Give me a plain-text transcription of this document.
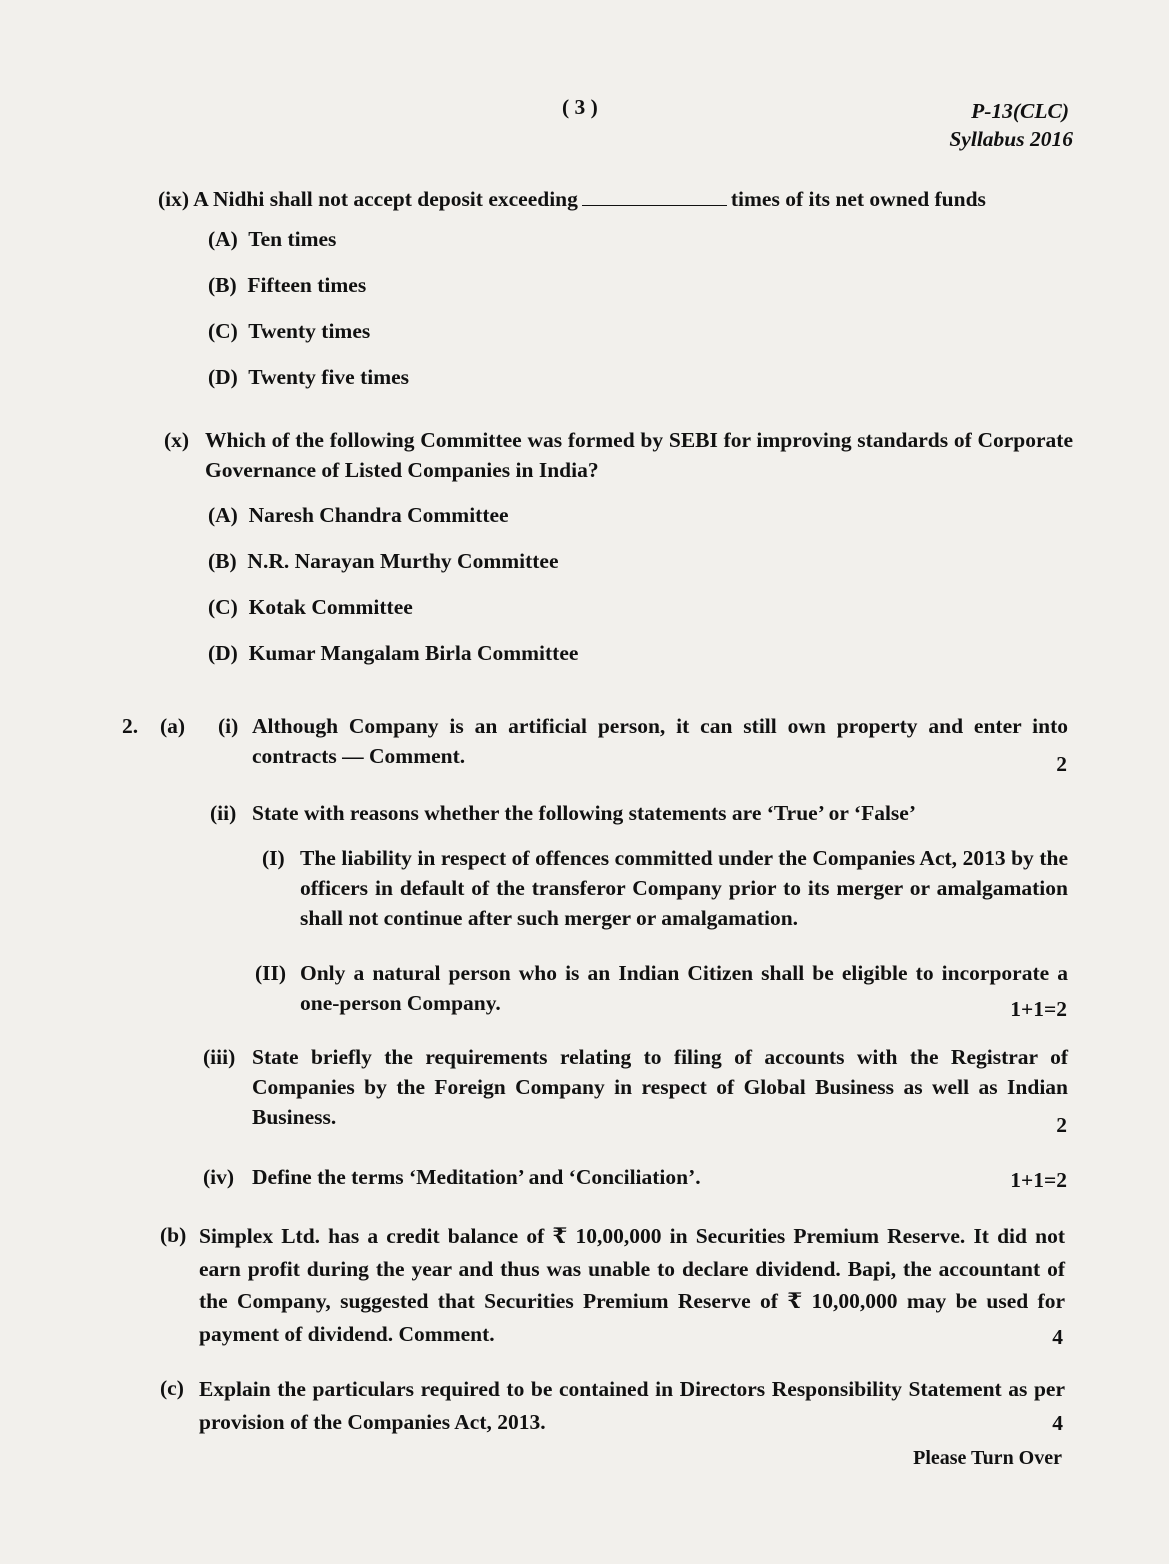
( 3 )	P-13(CLC)
Syllabus 2016
(ix) A Nidhi shall not accept deposit exceeding	times of its net owned funds
(A) Ten times
(B) Fifteen times
(C) Twenty times
(D) Twenty five times
(x) Which of the following Committee was formed by SEBI for improving standards of Corporate Governance of Listed Companies in India?
(A) Naresh Chandra Committee
(B) N.R. Narayan Murthy Committee
(C) Kotak Committee
(D) Kumar Mangalam Birla Committee
2. (a) (i) Although Company is an artificial person, it can still own property and enter into contracts — Comment.	2
(ii) State with reasons whether the following statements are ‘True’ or ‘False’
(I) The liability in respect of offences committed under the Companies Act, 2013 by the officers in default of the transferor Company prior to its merger or amalgamation shall not continue after such merger or amalgamation.
(II) Only a natural person who is an Indian Citizen shall be eligible to incorporate a one-person Company.	1+1=2
(iii) State briefly the requirements relating to filing of accounts with the Registrar of Companies by the Foreign Company in respect of Global Business as well as Indian Business.	2
(iv) Define the terms ‘Meditation’ and ‘Conciliation’.	1+1=2
(b) Simplex Ltd. has a credit balance of ₹ 10,00,000 in Securities Premium Reserve. It did not earn profit during the year and thus was unable to declare dividend. Bapi, the accountant of the Company, suggested that Securities Premium Reserve of ₹ 10,00,000 may be used for payment of dividend. Comment.	4
(c) Explain the particulars required to be contained in Directors Responsibility Statement as per provision of the Companies Act, 2013.	4
Please Turn Over
